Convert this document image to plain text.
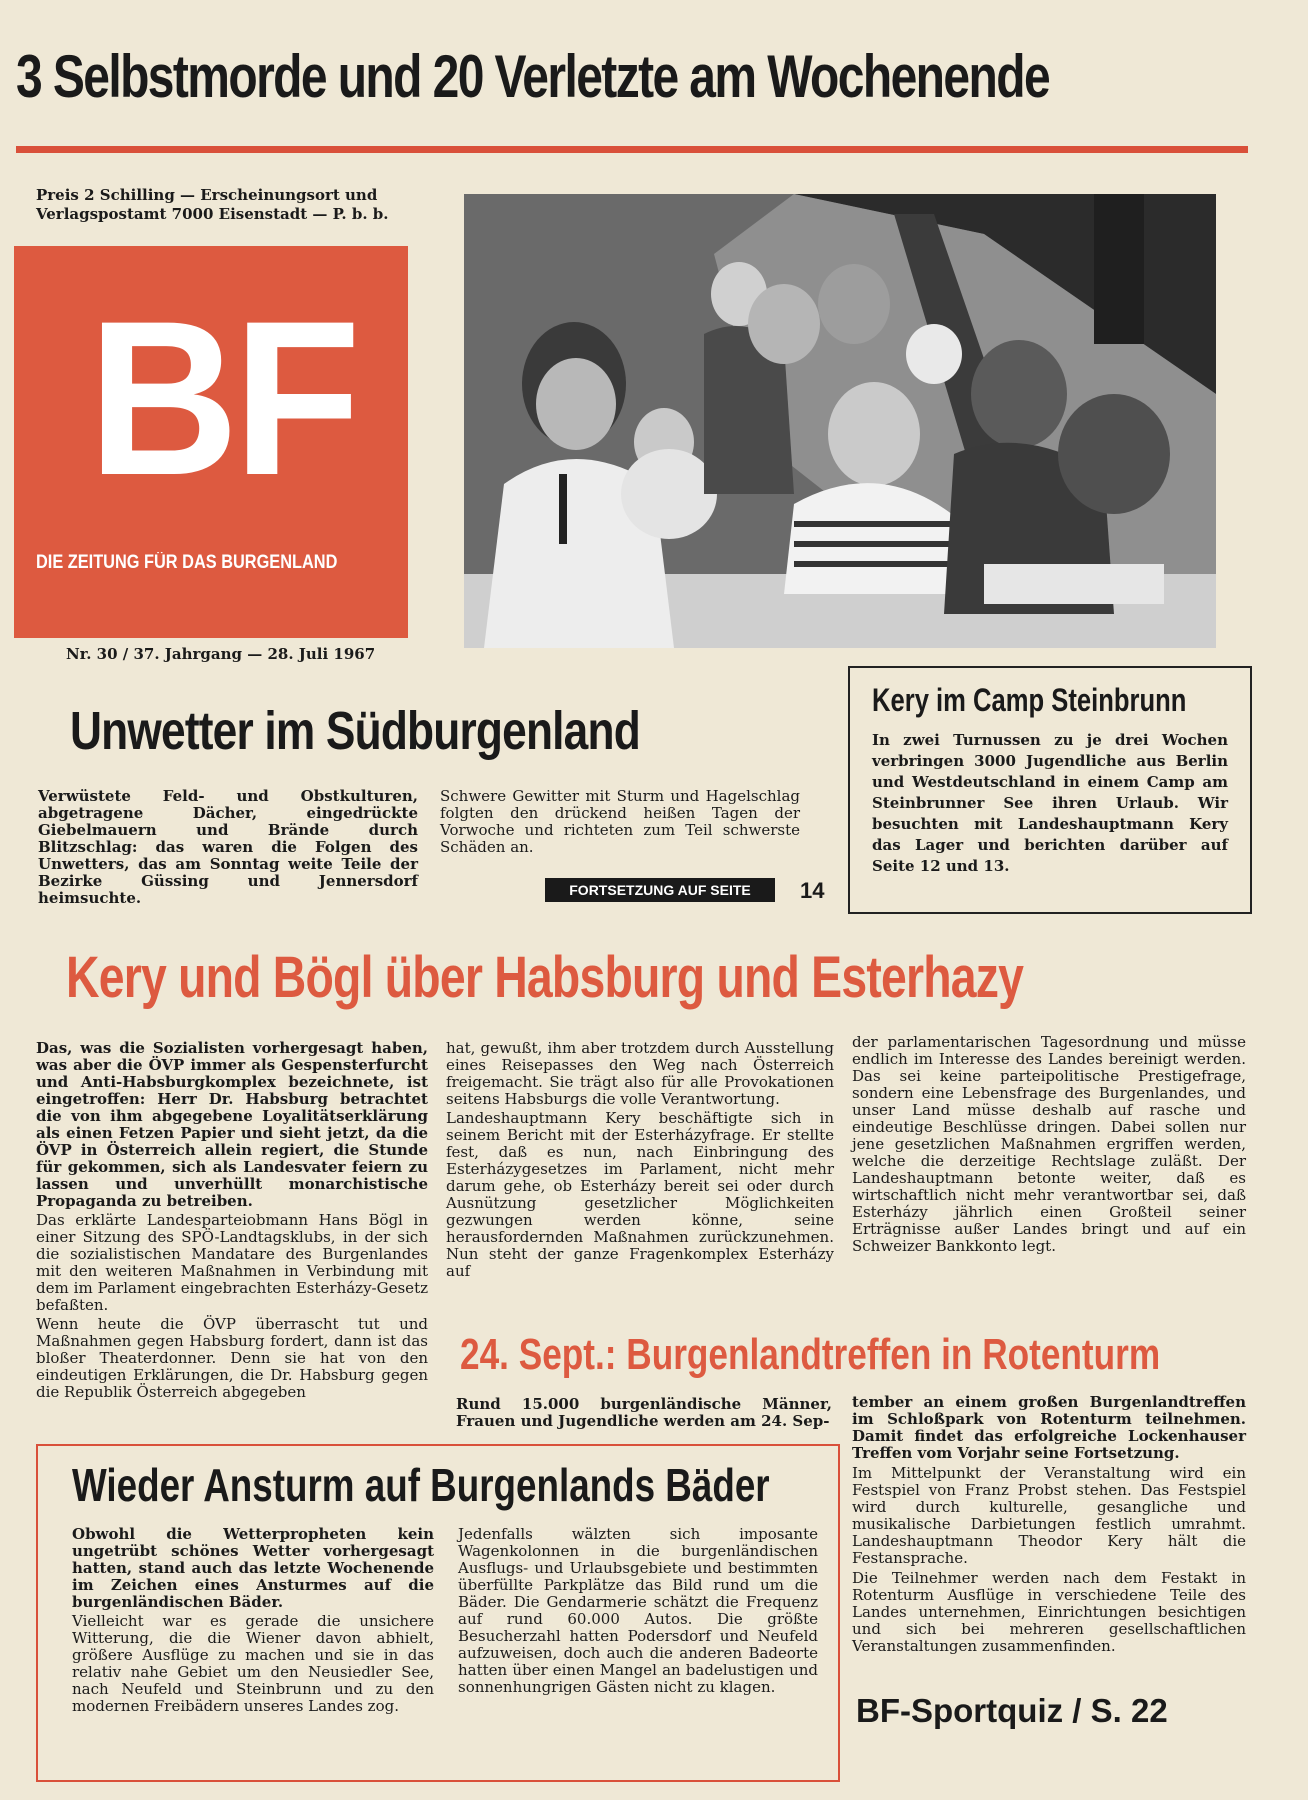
3 Selbstmorde und 20 Verletzte am Wochenende
Preis 2 Schilling — Erscheinungsort und Verlagspostamt 7000 Eisenstadt — P. b. b.
BF
DIE ZEITUNG FÜR DAS BURGENLAND
Nr. 30 / 37. Jahrgang — 28. Juli 1967
Kery im Camp Steinbrunn
In zwei Turnussen zu je drei Wochen verbringen 3000 Jugendliche aus Berlin und Westdeutschland in einem Camp am Steinbrunner See ihren Urlaub. Wir besuchten mit Landeshauptmann Kery das Lager und berichten darüber auf Seite 12 und 13.
Unwetter im Südburgenland
Verwüstete Feld- und Obstkulturen, abgetragene Dächer, eingedrückte Giebelmauern und Brände durch Blitzschlag: das waren die Folgen des Unwetters, das am Sonntag weite Teile der Bezirke Güssing und Jennersdorf heimsuchte.
Schwere Gewitter mit Sturm und Hagelschlag folgten den drückend heißen Tagen der Vorwoche und richteten zum Teil schwerste Schäden an.
FORTSETZUNG AUF SEITE	14
Kery und Bögl über Habsburg und Esterhazy
Das, was die Sozialisten vorhergesagt haben, was aber die ÖVP immer als Gespensterfurcht und Anti-Habsburgkomplex bezeichnete, ist eingetroffen: Herr Dr. Habsburg betrachtet die von ihm abgegebene Loyalitätserklärung als einen Fetzen Papier und sieht jetzt, da die ÖVP in Österreich allein regiert, die Stunde für gekommen, sich als Landesvater feiern zu lassen und unverhüllt monarchistische Propaganda zu betreiben.
Das erklärte Landesparteiobmann Hans Bögl in einer Sitzung des SPÖ-Landtagsklubs, in der sich die sozialistischen Mandatare des Burgenlandes mit den weiteren Maßnahmen in Verbindung mit dem im Parlament eingebrachten Esterházy-Gesetz befaßten.
Wenn heute die ÖVP überrascht tut und Maßnahmen gegen Habsburg fordert, dann ist das bloßer Theaterdonner. Denn sie hat von den eindeutigen Erklärungen, die Dr. Habsburg gegen die Republik Österreich abgegeben
hat, gewußt, ihm aber trotzdem durch Ausstellung eines Reisepasses den Weg nach Österreich freigemacht. Sie trägt also für alle Provokationen seitens Habsburgs die volle Verantwortung.
Landeshauptmann Kery beschäftigte sich in seinem Bericht mit der Esterházyfrage. Er stellte fest, daß es nun, nach Einbringung des Esterházygesetzes im Parlament, nicht mehr darum gehe, ob Esterházy bereit sei oder durch Ausnützung gesetzlicher Möglichkeiten gezwungen werden könne, seine herausfordernden Maßnahmen zurückzunehmen. Nun steht der ganze Fragenkomplex Esterházy auf
der parlamentarischen Tagesordnung und müsse endlich im Interesse des Landes bereinigt werden. Das sei keine parteipolitische Prestigefrage, sondern eine Lebensfrage des Burgenlandes, und unser Land müsse deshalb auf rasche und eindeutige Beschlüsse dringen. Dabei sollen nur jene gesetzlichen Maßnahmen ergriffen werden, welche die derzeitige Rechtslage zuläßt. Der Landeshauptmann betonte weiter, daß es wirtschaftlich nicht mehr verantwortbar sei, daß Esterházy jährlich einen Großteil seiner Erträgnisse außer Landes bringt und auf ein Schweizer Bankkonto legt.
24. Sept.: Burgenlandtreffen in Rotenturm
Rund 15.000 burgenländische Männer, Frauen und Jugendliche werden am 24. Sep-
tember an einem großen Burgenlandtreffen im Schloßpark von Rotenturm teilnehmen. Damit findet das erfolgreiche Lockenhauser Treffen vom Vorjahr seine Fortsetzung.
Im Mittelpunkt der Veranstaltung wird ein Festspiel von Franz Probst stehen. Das Festspiel wird durch kulturelle, gesangliche und musikalische Darbietungen festlich umrahmt. Landeshauptmann Theodor Kery hält die Festansprache.
Die Teilnehmer werden nach dem Festakt in Rotenturm Ausflüge in verschiedene Teile des Landes unternehmen, Einrichtungen besichtigen und sich bei mehreren gesellschaftlichen Veranstaltungen zusammenfinden.
Wieder Ansturm auf Burgenlands Bäder
Obwohl die Wetterpropheten kein ungetrübt schönes Wetter vorhergesagt hatten, stand auch das letzte Wochenende im Zeichen eines Ansturmes auf die burgenländischen Bäder.
Vielleicht war es gerade die unsichere Witterung, die die Wiener davon abhielt, größere Ausflüge zu machen und sie in das relativ nahe Gebiet um den Neusiedler See, nach Neufeld und Steinbrunn und zu den modernen Freibädern unseres Landes zog.
Jedenfalls wälzten sich imposante Wagenkolonnen in die burgenländischen Ausflugs- und Urlaubsgebiete und bestimmten überfüllte Parkplätze das Bild rund um die Bäder. Die Gendarmerie schätzt die Frequenz auf rund 60.000 Autos. Die größte Besucherzahl hatten Podersdorf und Neufeld aufzuweisen, doch auch die anderen Badeorte hatten über einen Mangel an badelustigen und sonnenhungrigen Gästen nicht zu klagen.
BF-Sportquiz / S. 22
